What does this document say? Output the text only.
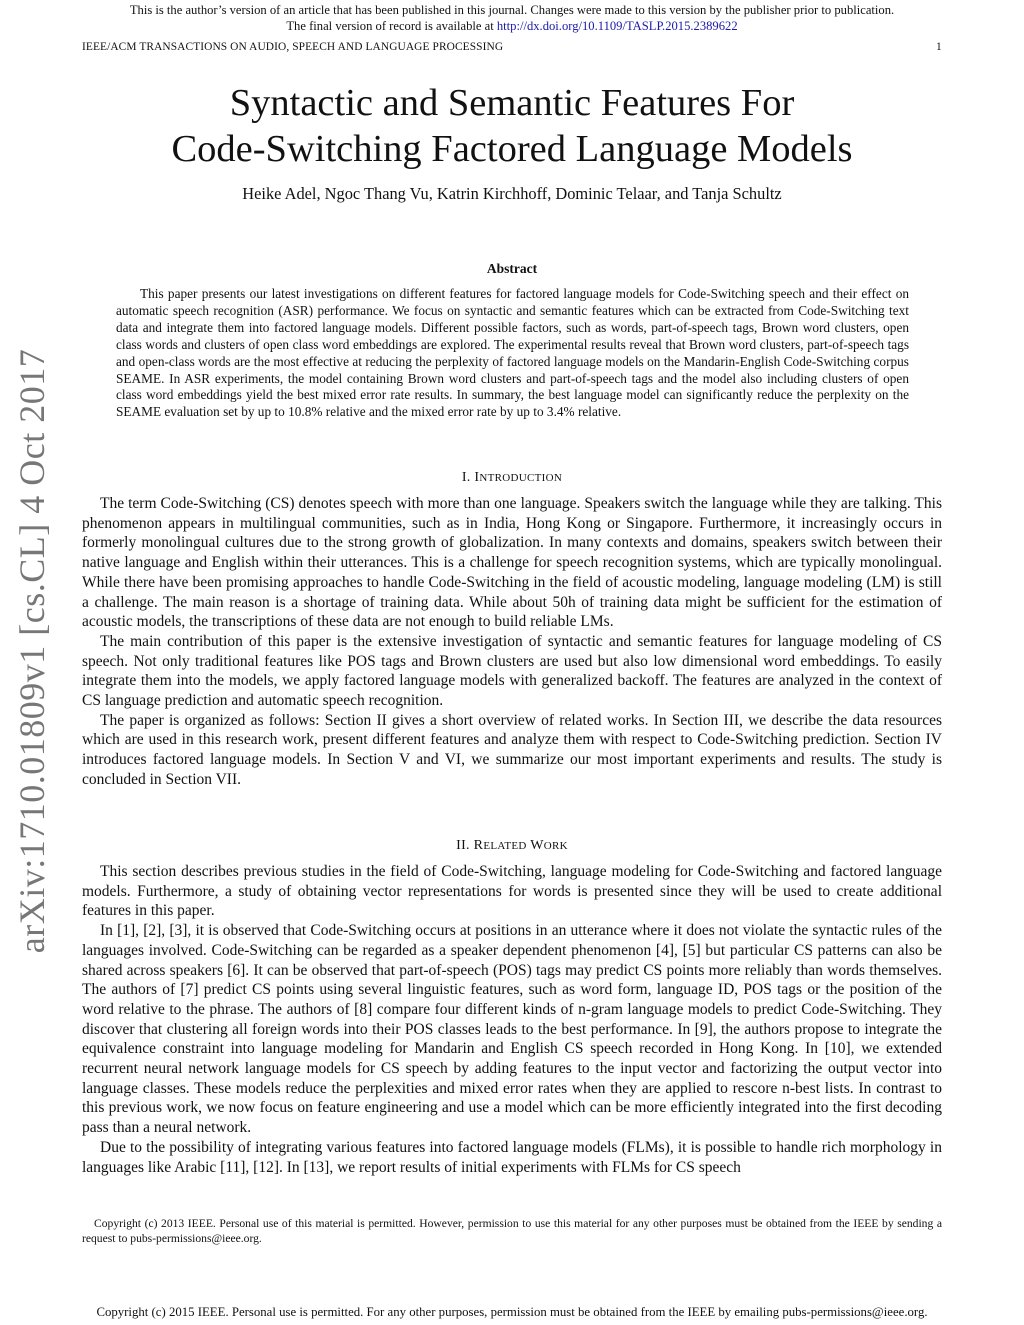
This is the author’s version of an article that has been published in this journal. Changes were made to this version by the publisher prior to publication.
The final version of record is available at http://dx.doi.org/10.1109/TASLP.2015.2389622
IEEE/ACM TRANSACTIONS ON AUDIO, SPEECH AND LANGUAGE PROCESSING	1
arXiv:1710.01809v1 [cs.CL] 4 Oct 2017
Syntactic and Semantic Features For
Code-Switching Factored Language Models
Heike Adel, Ngoc Thang Vu, Katrin Kirchhoff, Dominic Telaar, and Tanja Schultz
Abstract
This paper presents our latest investigations on different features for factored language models for Code-Switching speech and their effect on automatic speech recognition (ASR) performance. We focus on syntactic and semantic features which can be extracted from Code-Switching text data and integrate them into factored language models. Different possible factors, such as words, part-of-speech tags, Brown word clusters, open class words and clusters of open class word embeddings are explored. The experimental results reveal that Brown word clusters, part-of-speech tags and open-class words are the most effective at reducing the perplexity of factored language models on the Mandarin-English Code-Switching corpus SEAME. In ASR experiments, the model containing Brown word clusters and part-of-speech tags and the model also including clusters of open class word embeddings yield the best mixed error rate results. In summary, the best language model can significantly reduce the perplexity on the SEAME evaluation set by up to 10.8% relative and the mixed error rate by up to 3.4% relative.
I. INTRODUCTION

The term Code-Switching (CS) denotes speech with more than one language. Speakers switch the language while they are talking. This phenomenon appears in multilingual communities, such as in India, Hong Kong or Singapore. Furthermore, it increasingly occurs in formerly monolingual cultures due to the strong growth of globalization. In many contexts and domains, speakers switch between their native language and English within their utterances. This is a challenge for speech recognition systems, which are typically monolingual. While there have been promising approaches to handle Code-Switching in the field of acoustic modeling, language modeling (LM) is still a challenge. The main reason is a shortage of training data. While about 50h of training data might be sufficient for the estimation of acoustic models, the transcriptions of these data are not enough to build reliable LMs.

The main contribution of this paper is the extensive investigation of syntactic and semantic features for language modeling of CS speech. Not only traditional features like POS tags and Brown clusters are used but also low dimensional word embeddings. To easily integrate them into the models, we apply factored language models with generalized backoff. The features are analyzed in the context of CS language prediction and automatic speech recognition.

The paper is organized as follows: Section II gives a short overview of related works. In Section III, we describe the data resources which are used in this research work, present different features and analyze them with respect to Code-Switching prediction. Section IV introduces factored language models. In Section V and VI, we summarize our most important experiments and results. The study is concluded in Section VII.

II. RELATED WORK

This section describes previous studies in the field of Code-Switching, language modeling for Code-Switching and factored language models. Furthermore, a study of obtaining vector representations for words is presented since they will be used to create additional features in this paper.

In [1], [2], [3], it is observed that Code-Switching occurs at positions in an utterance where it does not violate the syntactic rules of the languages involved. Code-Switching can be regarded as a speaker dependent phenomenon [4], [5] but particular CS patterns can also be shared across speakers [6]. It can be observed that part-of-speech (POS) tags may predict CS points more reliably than words themselves. The authors of [7] predict CS points using several linguistic features, such as word form, language ID, POS tags or the position of the word relative to the phrase. The authors of [8] compare four different kinds of n-gram language models to predict Code-Switching. They discover that clustering all foreign words into their POS classes leads to the best performance. In [9], the authors propose to integrate the equivalence constraint into language modeling for Mandarin and English CS speech recorded in Hong Kong. In [10], we extended recurrent neural network language models for CS speech by adding features to the input vector and factorizing the output vector into language classes. These models reduce the perplexities and mixed error rates when they are applied to rescore n-best lists. In contrast to this previous work, we now focus on feature engineering and use a model which can be more efficiently integrated into the first decoding pass than a neural network.

Due to the possibility of integrating various features into factored language models (FLMs), it is possible to handle rich morphology in languages like Arabic [11], [12]. In [13], we report results of initial experiments with FLMs for CS speech

Copyright (c) 2013 IEEE. Personal use of this material is permitted. However, permission to use this material for any other purposes must be obtained from the IEEE by sending a request to pubs-permissions@ieee.org.
Copyright (c) 2015 IEEE. Personal use is permitted. For any other purposes, permission must be obtained from the IEEE by emailing pubs-permissions@ieee.org.
